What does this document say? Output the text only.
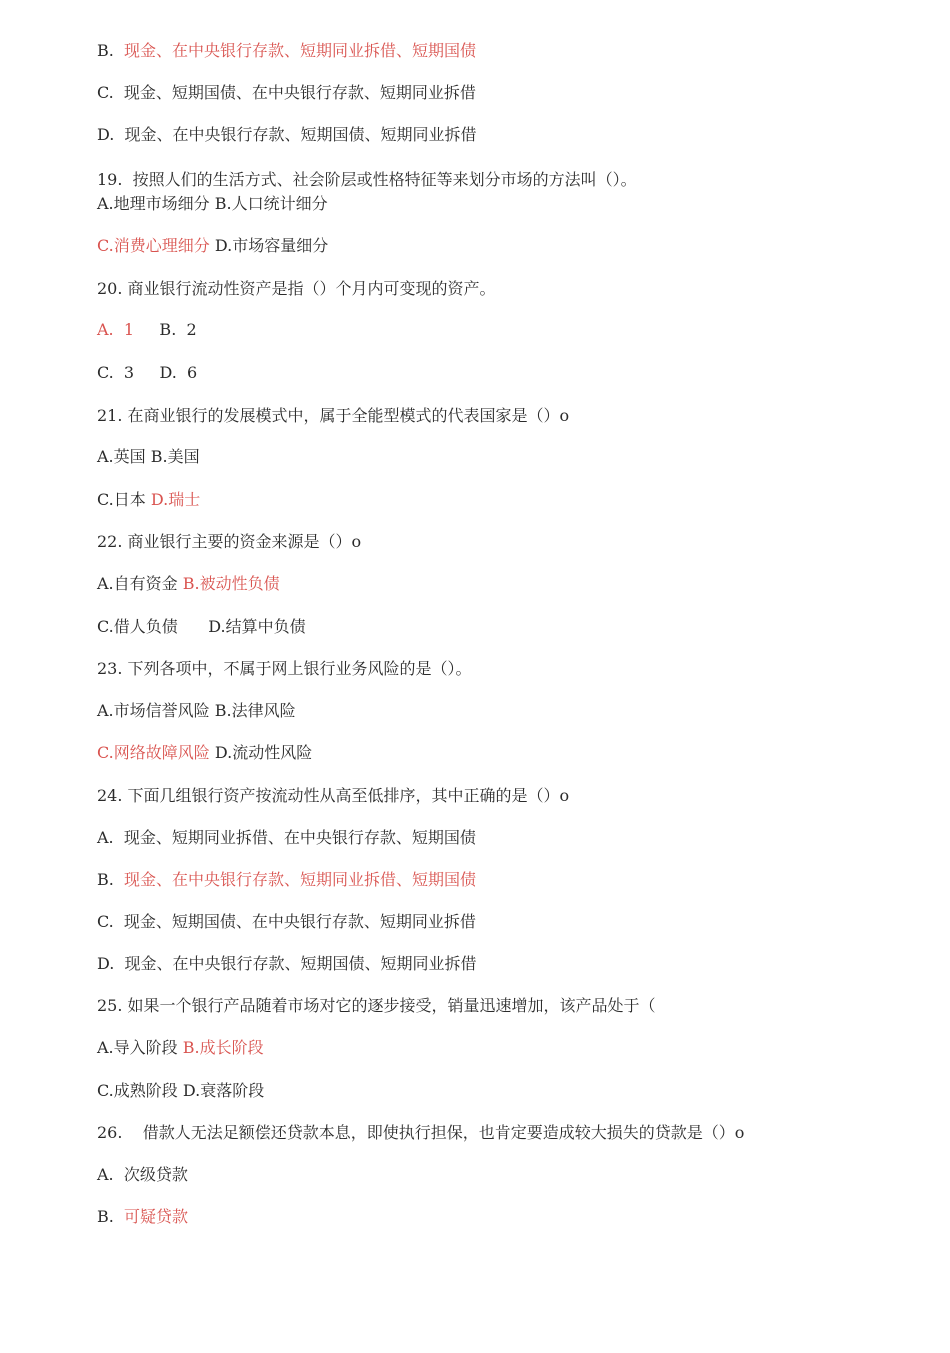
B.  现金、在中央银行存款、短期同业拆借、短期国债
C.  现金、短期国债、在中央银行存款、短期同业拆借
D.  现金、在中央银行存款、短期国债、短期同业拆借
19.  按照人们的生活方式、社会阶层或性格特征等来划分市场的方法叫（）。
A.地理市场细分 B.人口统计细分
C.消费心理细分 D.市场容量细分
20. 商业银行流动性资产是指（）个月内可变现的资产。
A.  1     B.  2
C.  3     D.  6
21. 在商业银行的发展模式中，属于全能型模式的代表国家是（）o
A.英国 B.美国
C.日本 D.瑞士
22. 商业银行主要的资金来源是（）o
A.自有资金 B.被动性负债
C.借人负债      D.结算中负债
23. 下列各项中，不属于网上银行业务风险的是（）。
A.市场信誉风险 B.法律风险
C.网络故障风险 D.流动性风险
24. 下面几组银行资产按流动性从高至低排序，其中正确的是（）o
A.  现金、短期同业拆借、在中央银行存款、短期国债
B.  现金、在中央银行存款、短期同业拆借、短期国债
C.  现金、短期国债、在中央银行存款、短期同业拆借
D.  现金、在中央银行存款、短期国债、短期同业拆借
25. 如果一个银行产品随着市场对它的逐步接受，销量迅速增加，该产品处于（
A.导入阶段 B.成长阶段
C.成熟阶段 D.衰落阶段
26.    借款人无法足额偿还贷款本息，即使执行担保，也肯定要造成较大损失的贷款是（）o
A.  次级贷款
B.  可疑贷款
